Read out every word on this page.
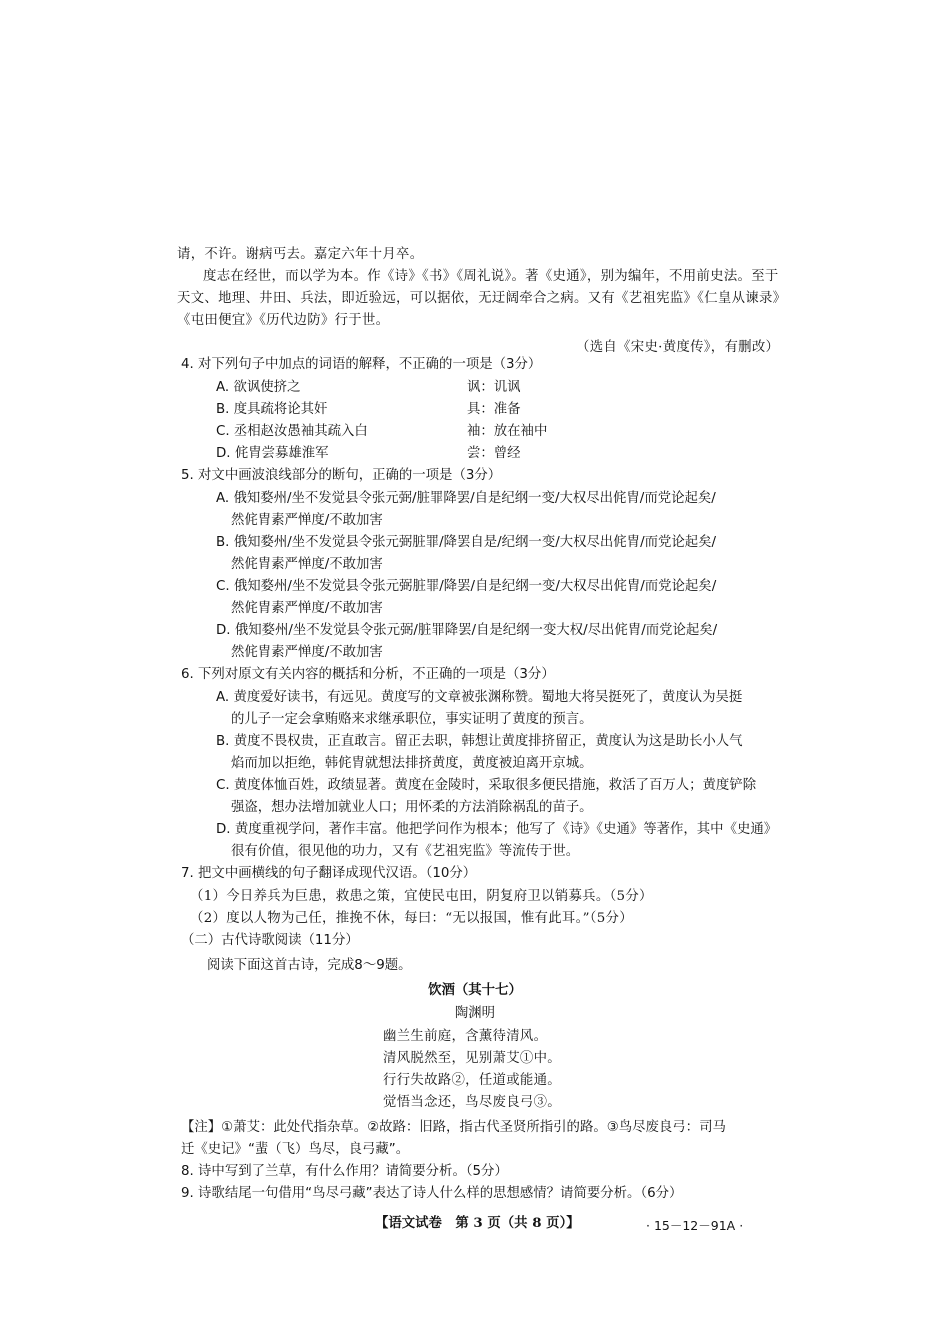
请，不许。谢病丐去。嘉定六年十月卒。
度志在经世，而以学为本。作《诗》《书》《周礼说》。著《史通》，别为编年，不用前史法。至于
天文、地理、井田、兵法，即近验远，可以据依，无迂阔牵合之病。又有《艺祖宪监》《仁皇从谏录》
《屯田便宜》《历代边防》行于世。
（选自《宋史·黄度传》，有删改）
4. 对下列句子中加点的词语的解释，不正确的一项是（3分）
A. 欲讽使挤之	讽：讥讽
B. 度具疏将论其奸	具：准备
C. 丞相赵汝愚袖其疏入白	袖：放在袖中
D. 侂胄尝募雄淮军	尝：曾经
5. 对文中画波浪线部分的断句，正确的一项是（3分）
A. 俄知婺州/坐不发觉县令张元弼/脏罪降罢/自是纪纲一变/大权尽出侂胄/而党论起矣/
然侂胄素严惮度/不敢加害
B. 俄知婺州/坐不发觉县令张元弼脏罪/降罢自是/纪纲一变/大权尽出侂胄/而党论起矣/
然侂胄素严惮度/不敢加害
C. 俄知婺州/坐不发觉县令张元弼脏罪/降罢/自是纪纲一变/大权尽出侂胄/而党论起矣/
然侂胄素严惮度/不敢加害
D. 俄知婺州/坐不发觉县令张元弼/脏罪降罢/自是纪纲一变大权/尽出侂胄/而党论起矣/
然侂胄素严惮度/不敢加害
6. 下列对原文有关内容的概括和分析，不正确的一项是（3分）
A. 黄度爱好读书，有远见。黄度写的文章被张渊称赞。蜀地大将吴挺死了，黄度认为吴挺
的儿子一定会拿贿赂来求继承职位，事实证明了黄度的预言。
B. 黄度不畏权贵，正直敢言。留正去职，韩想让黄度排挤留正，黄度认为这是助长小人气
焰而加以拒绝，韩侂胄就想法排挤黄度，黄度被迫离开京城。
C. 黄度体恤百姓，政绩显著。黄度在金陵时，采取很多便民措施，救活了百万人；黄度铲除
强盗，想办法增加就业人口；用怀柔的方法消除祸乱的苗子。
D. 黄度重视学问，著作丰富。他把学问作为根本；他写了《诗》《史通》等著作，其中《史通》
很有价值，很见他的功力，又有《艺祖宪监》等流传于世。
7. 把文中画横线的句子翻译成现代汉语。（10分）
（1）今日养兵为巨患，救患之策，宜使民屯田，阴复府卫以销募兵。（5分）
（2）度以人物为己任，推挽不休，每曰：“无以报国，惟有此耳。”（5分）
（二）古代诗歌阅读（11分）
阅读下面这首古诗，完成8～9题。
饮酒（其十七）
陶渊明
幽兰生前庭，含薰待清风。
清风脱然至，见别萧艾①中。
行行失故路②，任道或能通。
觉悟当念还，鸟尽废良弓③。
【注】①萧艾：此处代指杂草。②故路：旧路，指古代圣贤所指引的路。③鸟尽废良弓：司马
迁《史记》“蜚（飞）鸟尽，良弓藏”。
8. 诗中写到了兰草，有什么作用？请简要分析。（5分）
9. 诗歌结尾一句借用“鸟尽弓藏”表达了诗人什么样的思想感情？请简要分析。（6分）
【语文试卷　第 3 页（共 8 页）】	· 15－12－91A ·
